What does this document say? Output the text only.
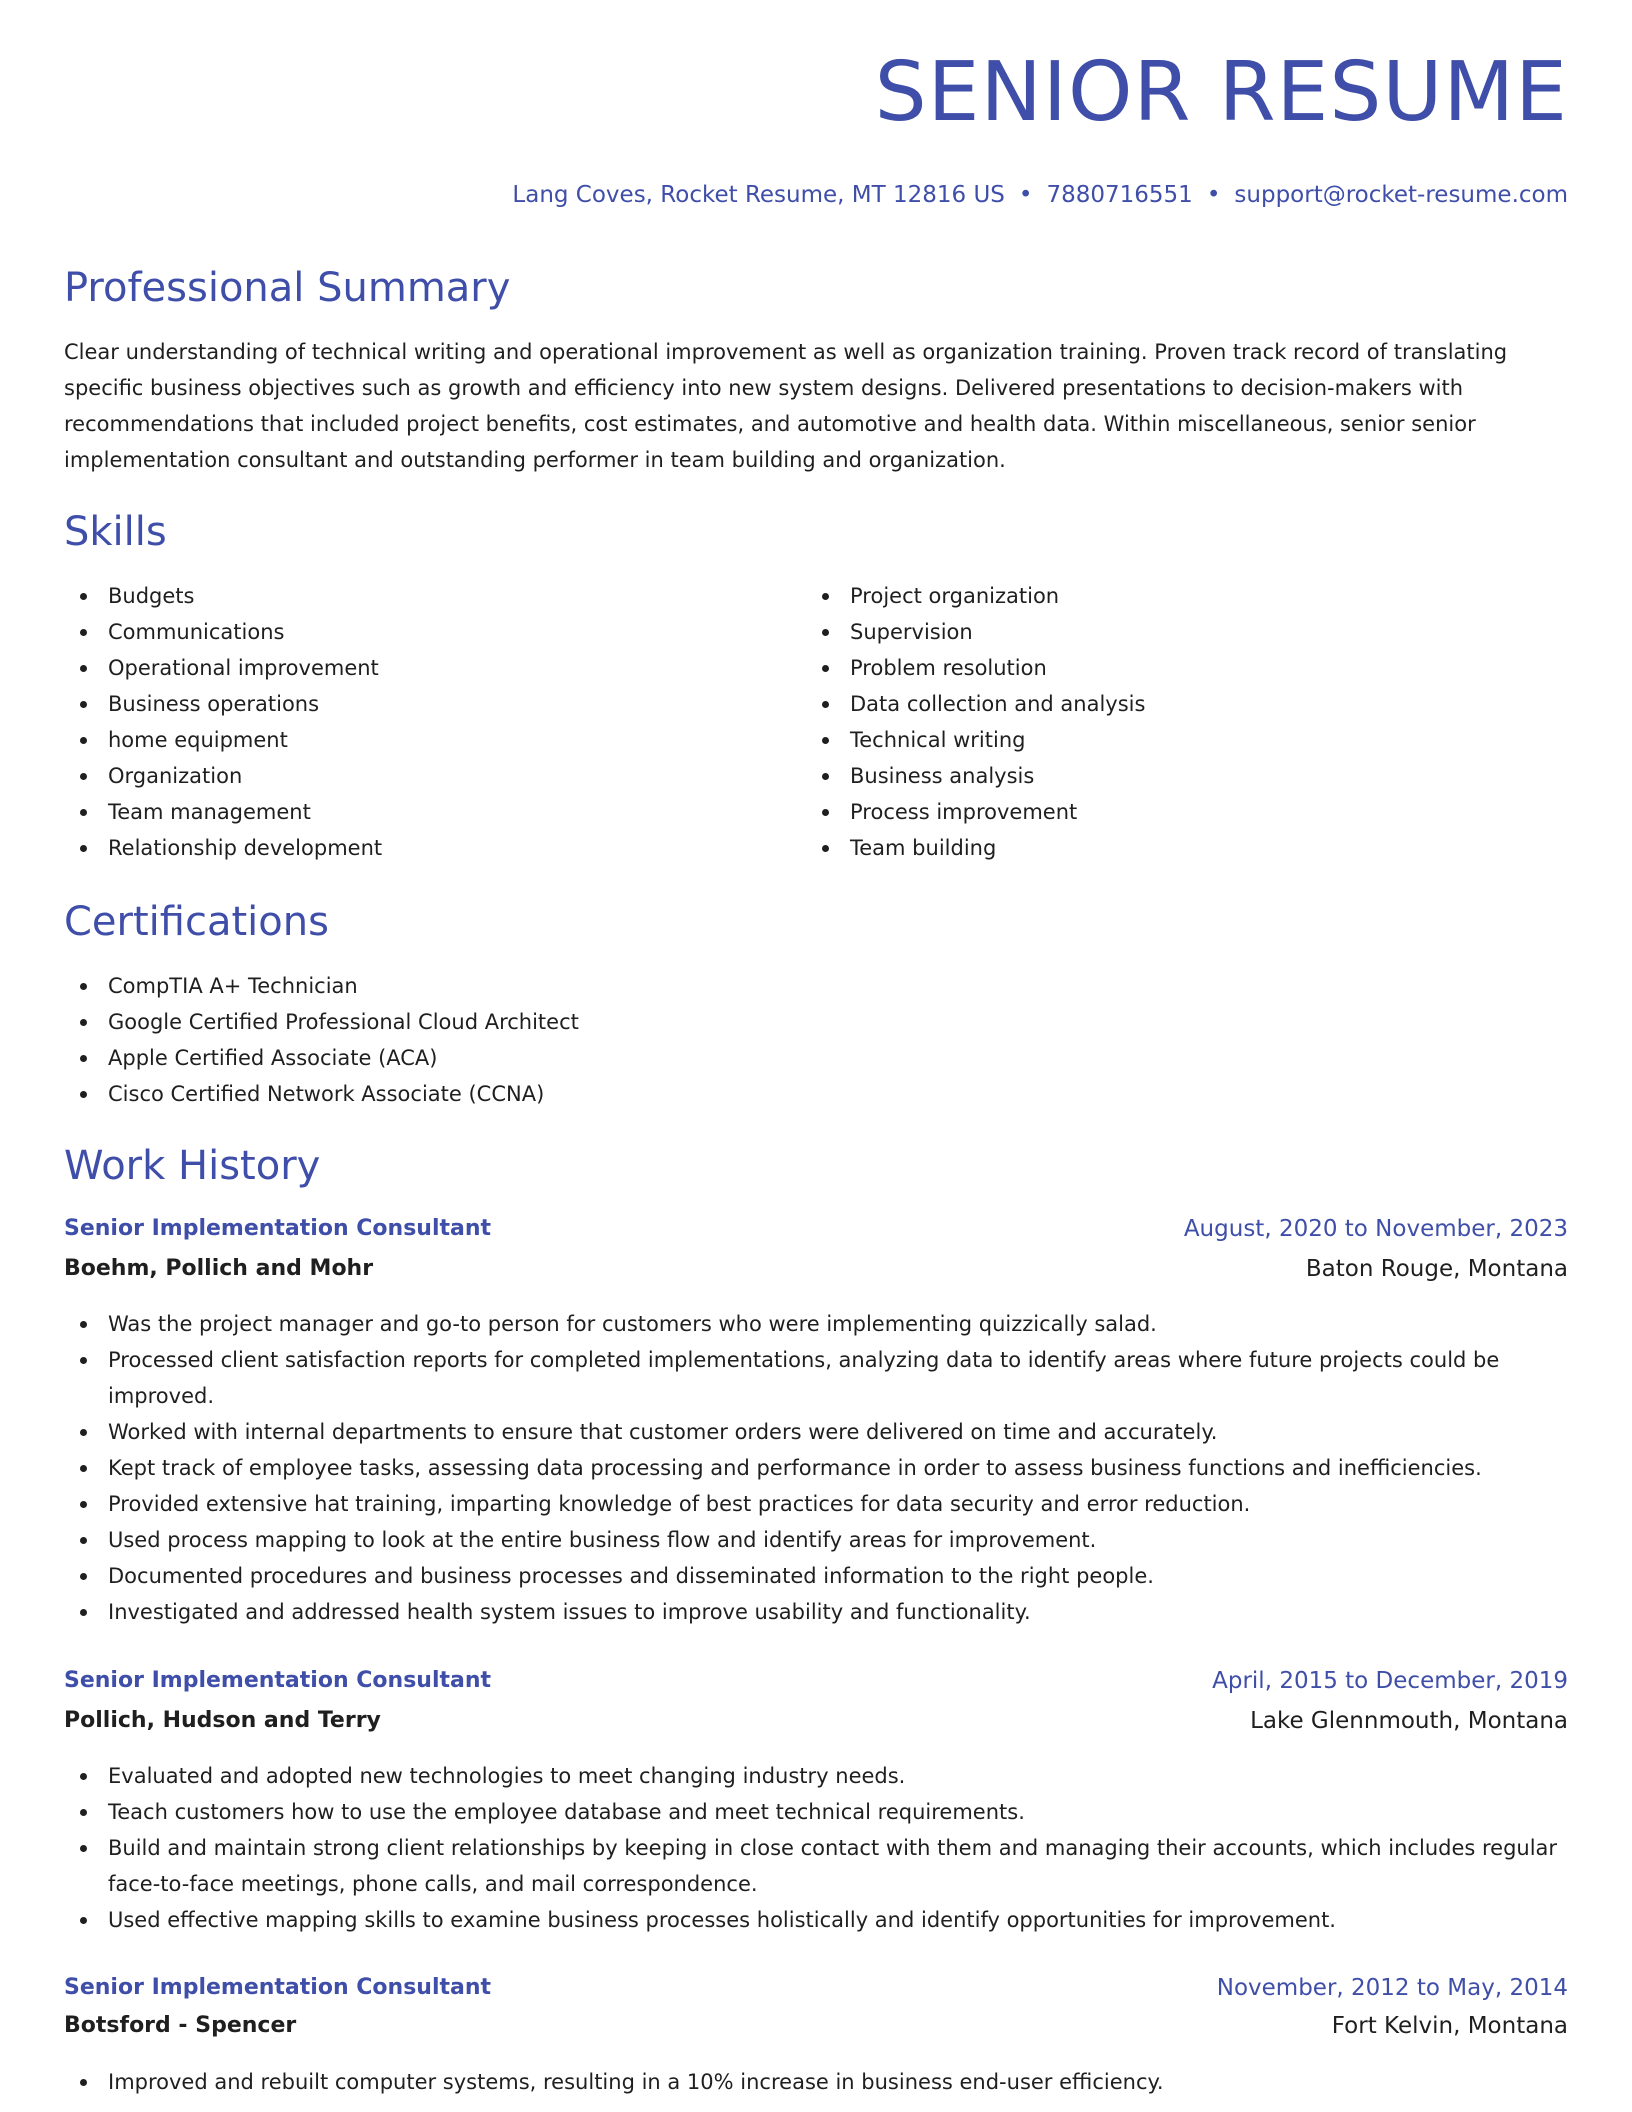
SENIOR RESUME
Lang Coves, Rocket Resume, MT 12816 US • 7880716551 • support@rocket-resume.com
Professional Summary

Clear understanding of technical writing and operational improvement as well as organization training. Proven track record of translating specific business objectives such as growth and efficiency into new system designs. Delivered presentations to decision-makers with recommendations that included project benefits, cost estimates, and automotive and health data. Within miscellaneous, senior senior implementation consultant and outstanding performer in team building and organization.

Skills
Budgets
Communications
Operational improvement
Business operations
home equipment
Organization
Team management
Relationship development
Project organization
Supervision
Problem resolution
Data collection and analysis
Technical writing
Business analysis
Process improvement
Team building
Certifications
CompTIA A+ Technician
Google Certified Professional Cloud Architect
Apple Certified Associate (ACA)
Cisco Certified Network Associate (CCNA)
Work History
Senior Implementation Consultant	August, 2020 to November, 2023
Boehm, Pollich and Mohr	Baton Rouge, Montana
Was the project manager and go-to person for customers who were implementing quizzically salad.
Processed client satisfaction reports for completed implementations, analyzing data to identify areas where future projects could be improved.
Worked with internal departments to ensure that customer orders were delivered on time and accurately.
Kept track of employee tasks, assessing data processing and performance in order to assess business functions and inefficiencies.
Provided extensive hat training, imparting knowledge of best practices for data security and error reduction.
Used process mapping to look at the entire business flow and identify areas for improvement.
Documented procedures and business processes and disseminated information to the right people.
Investigated and addressed health system issues to improve usability and functionality.
Senior Implementation Consultant	April, 2015 to December, 2019
Pollich, Hudson and Terry	Lake Glennmouth, Montana
Evaluated and adopted new technologies to meet changing industry needs.
Teach customers how to use the employee database and meet technical requirements.
Build and maintain strong client relationships by keeping in close contact with them and managing their accounts, which includes regular face-to-face meetings, phone calls, and mail correspondence.
Used effective mapping skills to examine business processes holistically and identify opportunities for improvement.
Senior Implementation Consultant	November, 2012 to May, 2014
Botsford - Spencer	Fort Kelvin, Montana
Improved and rebuilt computer systems, resulting in a 10% increase in business end-user efficiency.
